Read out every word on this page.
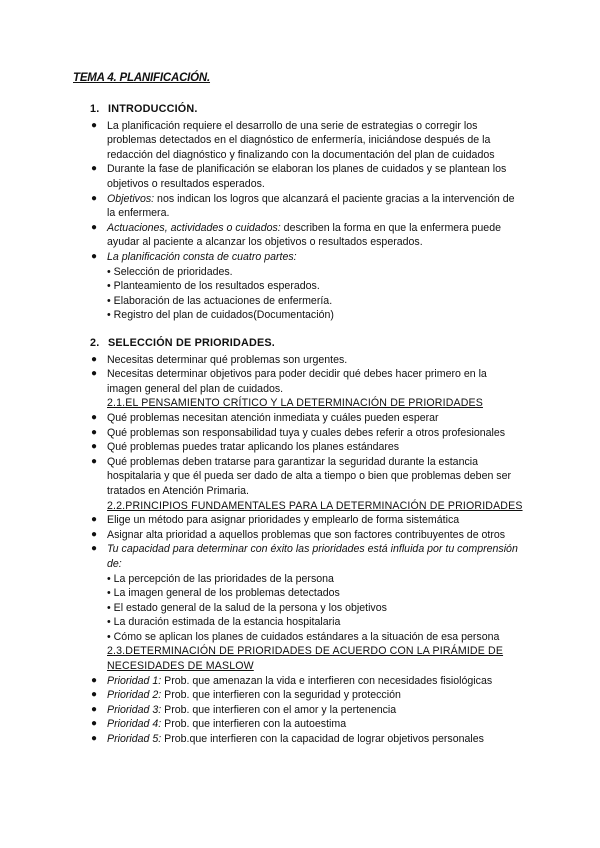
TEMA 4. PLANIFICACIÓN.
1. INTRODUCCIÓN.
● La planificación requiere el desarrollo de una serie de estrategias o corregir los problemas detectados en el diagnóstico de enfermería, iniciándose después de la redacción del diagnóstico y finalizando con la documentación del plan de cuidados
● Durante la fase de planificación se elaboran los planes de cuidados y se plantean los objetivos o resultados esperados.
● Objetivos: nos indican los logros que alcanzará el paciente gracias a la intervención de la enfermera.
● Actuaciones, actividades o cuidados: describen la forma en que la enfermera puede ayudar al paciente a alcanzar los objetivos o resultados esperados.
● La planificación consta de cuatro partes:
• Selección de prioridades.
• Planteamiento de los resultados esperados.
• Elaboración de las actuaciones de enfermería.
• Registro del plan de cuidados(Documentación)
2. SELECCIÓN DE PRIORIDADES.
● Necesitas determinar qué problemas son urgentes.
● Necesitas determinar objetivos para poder decidir qué debes hacer primero en la imagen general del plan de cuidados.
2.1.EL PENSAMIENTO CRÍTICO Y LA DETERMINACIÓN DE PRIORIDADES
● Qué problemas necesitan atención inmediata y cuáles pueden esperar
● Qué problemas son responsabilidad tuya y cuales debes referir a otros profesionales
● Qué problemas puedes tratar aplicando los planes estándares
● Qué problemas deben tratarse para garantizar la seguridad durante la estancia hospitalaria y que él pueda ser dado de alta a tiempo o bien que problemas deben ser tratados en Atención Primaria.
2.2.PRINCIPIOS FUNDAMENTALES PARA LA DETERMINACIÓN DE PRIORIDADES
● Elige un método para asignar prioridades y emplearlo de forma sistemática
● Asignar alta prioridad a aquellos problemas que son factores contribuyentes de otros
● Tu capacidad para determinar con éxito las prioridades está influida por tu comprensión de:
• La percepción de las prioridades de la persona
• La imagen general de los problemas detectados
• El estado general de la salud de la persona y los objetivos
• La duración estimada de la estancia hospitalaria
• Cómo se aplican los planes de cuidados estándares a la situación de esa persona
2.3.DETERMINACIÓN DE PRIORIDADES DE ACUERDO CON LA PIRÁMIDE DE NECESIDADES DE MASLOW
● Prioridad 1: Prob. que amenazan la vida e interfieren con necesidades fisiológicas
● Prioridad 2: Prob. que interfieren con la seguridad y protección
● Prioridad 3: Prob. que interfieren con el amor y la pertenencia
● Prioridad 4: Prob. que interfieren con la autoestima
● Prioridad 5: Prob.que interfieren con la capacidad de lograr objetivos personales
